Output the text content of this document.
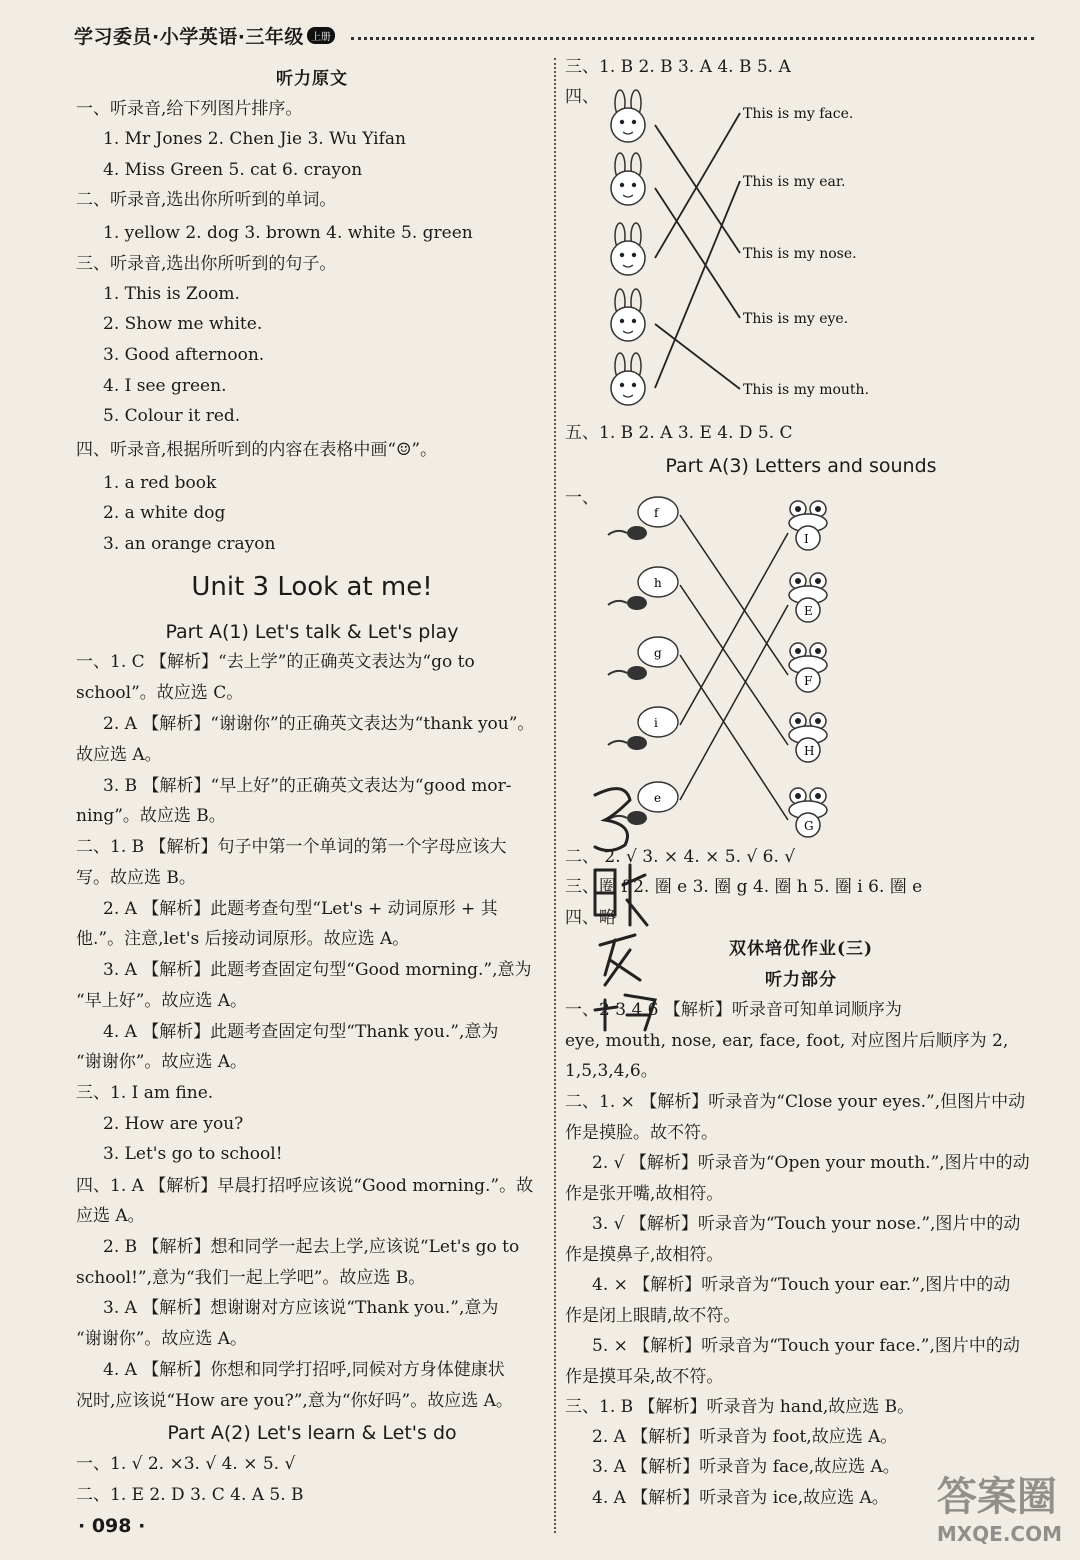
学习委员·小学英语·三年级 上册
听力原文
一、听录音,给下列图片排序。
1. Mr Jones 2. Chen Jie 3. Wu Yifan
4. Miss Green 5. cat 6. crayon
二、听录音,选出你所听到的单词。
1. yellow 2. dog 3. brown 4. white 5. green
三、听录音,选出你所听到的句子。
1. This is Zoom.
2. Show me white.
3. Good afternoon.
4. I see green.
5. Colour it red.
四、听录音,根据所听到的内容在表格中画“☺”。
1. a red book
2. a white dog
3. an orange crayon
Unit 3 Look at me!
Part A(1) Let's talk & Let's play
一、1. C 【解析】“去上学”的正确英文表达为“go to
school”。故应选 C。
2. A 【解析】“谢谢你”的正确英文表达为“thank you”。
故应选 A。
3. B 【解析】“早上好”的正确英文表达为“good mor-
ning”。故应选 B。
二、1. B 【解析】句子中第一个单词的第一个字母应该大
写。故应选 B。
2. A 【解析】此题考查句型“Let's + 动词原形 + 其
他.”。注意,let's 后接动词原形。故应选 A。
3. A 【解析】此题考查固定句型“Good morning.”,意为
“早上好”。故应选 A。
4. A 【解析】此题考查固定句型“Thank you.”,意为
“谢谢你”。故应选 A。
三、1. I am fine.
2. How are you?
3. Let's go to school!
四、1. A 【解析】早晨打招呼应该说“Good morning.”。故
应选 A。
2. B 【解析】想和同学一起去上学,应该说“Let's go to
school!”,意为“我们一起上学吧”。故应选 B。
3. A 【解析】想谢谢对方应该说“Thank you.”,意为
“谢谢你”。故应选 A。
4. A 【解析】你想和同学打招呼,同候对方身体健康状
况时,应该说“How are you?”,意为“你好吗”。故应选 A。
Part A(2) Let's learn & Let's do
一、1. √ 2. ×3. √ 4. × 5. √
二、1. E 2. D 3. C 4. A 5. B
三、1. B 2. B 3. A 4. B 5. A
四、
五、1. B 2. A 3. E 4. D 5. C
Part A(3) Letters and sounds
一、
二、 2. √ 3. × 4. × 5. √ 6. √
三、圈 f 2. 圈 e 3. 圈 g 4. 圈 h 5. 圈 i 6. 圈 e
四、略
双休培优作业(三)
听力部分
一、2 3 4 6 【解析】听录音可知单词顺序为
eye, mouth, nose, ear, face, foot, 对应图片后顺序为 2,
1,5,3,4,6。
二、1. × 【解析】听录音为“Close your eyes.”,但图片中动
作是摸脸。故不符。
2. √ 【解析】听录音为“Open your mouth.”,图片中的动
作是张开嘴,故相符。
3. √ 【解析】听录音为“Touch your nose.”,图片中的动
作是摸鼻子,故相符。
4. × 【解析】听录音为“Touch your ear.”,图片中的动
作是闭上眼睛,故不符。
5. × 【解析】听录音为“Touch your face.”,图片中的动
作是摸耳朵,故不符。
三、1. B 【解析】听录音为 hand,故应选 B。
2. A 【解析】听录音为 foot,故应选 A。
3. A 【解析】听录音为 face,故应选 A。
4. A 【解析】听录音为 ice,故应选 A。
This is my face.
This is my ear.
This is my nose.
This is my eye.
This is my mouth.
f
h
g
i
e
I
E
F
H
G
· 098 ·
答案圈
MXQE.COM
